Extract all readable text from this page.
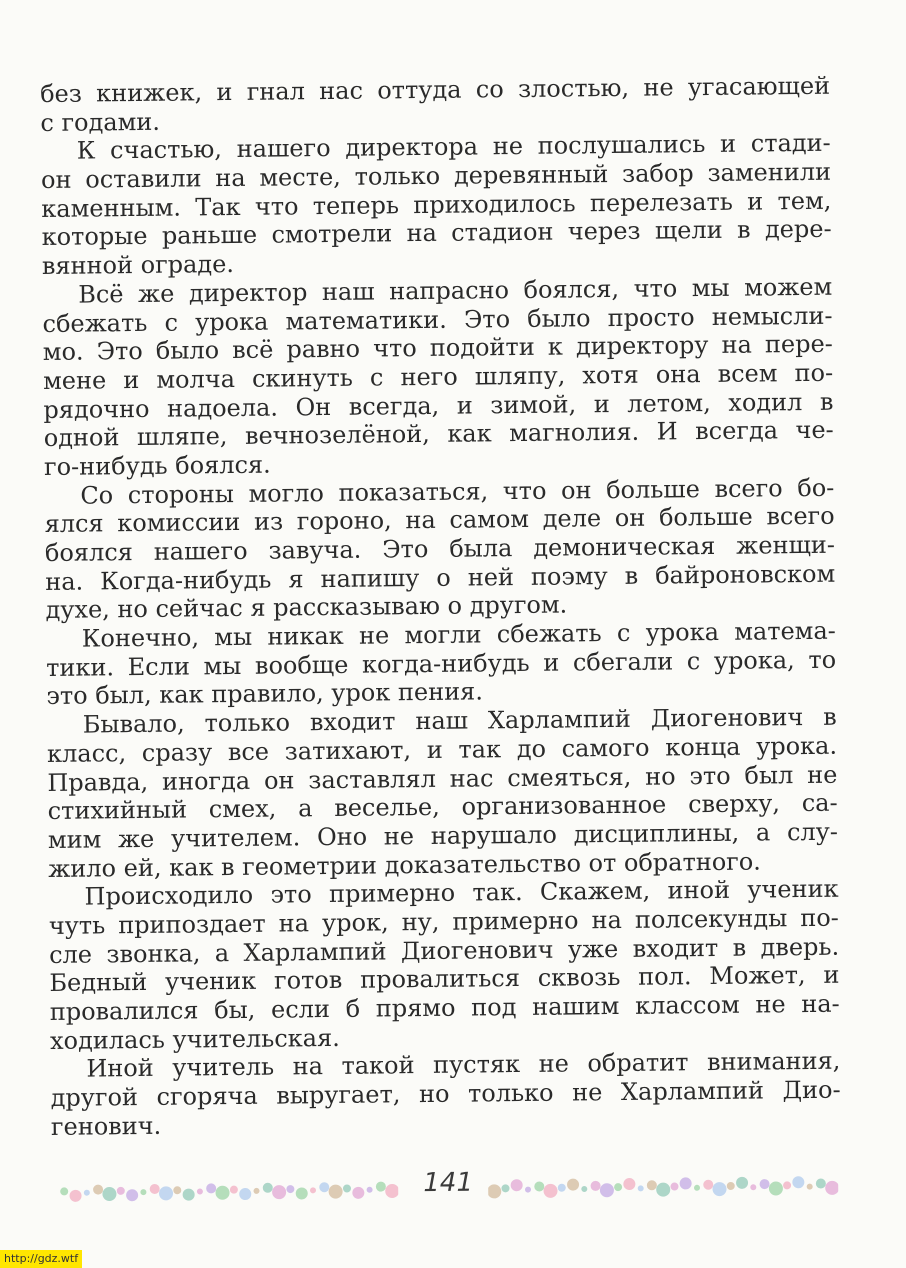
без книжек, и гнал нас оттуда со злостью, не угасающей
с годами.
К счастью, нашего директора не послушались и стади-
он оставили на месте, только деревянный забор заменили
каменным. Так что теперь приходилось перелезать и тем,
которые раньше смотрели на стадион через щели в дере-
вянной ограде.
Всё же директор наш напрасно боялся, что мы можем
сбежать с урока математики. Это было просто немысли-
мо. Это было всё равно что подойти к директору на пере-
мене и молча скинуть с него шляпу, хотя она всем по-
рядочно надоела. Он всегда, и зимой, и летом, ходил в
одной шляпе, вечнозелёной, как магнолия. И всегда че-
го-нибудь боялся.
Со стороны могло показаться, что он больше всего бо-
ялся комиссии из гороно, на самом деле он больше всего
боялся нашего завуча. Это была демоническая женщи-
на. Когда-нибудь я напишу о ней поэму в байроновском
духе, но сейчас я рассказываю о другом.
Конечно, мы никак не могли сбежать с урока матема-
тики. Если мы вообще когда-нибудь и сбегали с урока, то
это был, как правило, урок пения.
Бывало, только входит наш Харлампий Диогенович в
класс, сразу все затихают, и так до самого конца урока.
Правда, иногда он заставлял нас смеяться, но это был не
стихийный смех, а веселье, организованное сверху, са-
мим же учителем. Оно не нарушало дисциплины, а слу-
жило ей, как в геометрии доказательство от обратного.
Происходило это примерно так. Скажем, иной ученик
чуть припоздает на урок, ну, примерно на полсекунды по-
сле звонка, а Харлампий Диогенович уже входит в дверь.
Бедный ученик готов провалиться сквозь пол. Может, и
провалился бы, если б прямо под нашим классом не на-
ходилась учительская.
Иной учитель на такой пустяк не обратит внимания,
другой сгоряча выругает, но только не Харлампий Дио-
генович.
141
http://gdz.wtf
